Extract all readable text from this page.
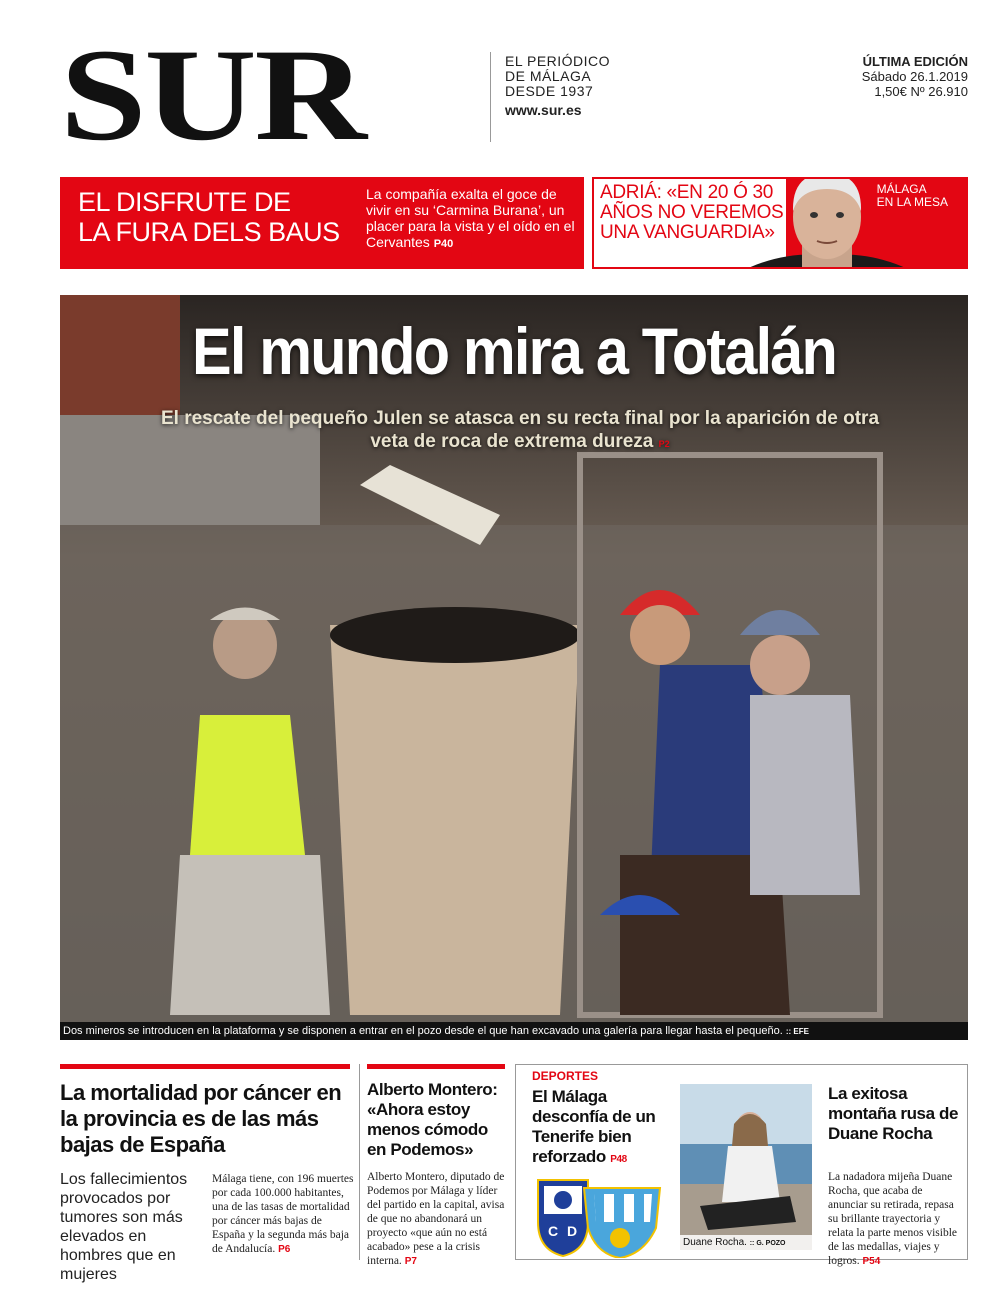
SUR	EL PERIÓDICO
DE MÁLAGA
DESDE 1937
www.sur.es
ÚLTIMA EDICIÓN
Sábado 26.1.2019
1,50€ Nº 26.910
EL DISFRUTE DE
LA FURA DELS BAUS
La compañía exalta el goce de vivir en su ‘Carmina Burana’, un placer para la vista y el oído en el Cervantes P40
ADRIÁ: «EN 20 Ó 30
AÑOS NO VEREMOS
UNA VANGUARDIA»
MÁLAGA
EN LA MESA
El mundo mira a Totalán
El rescate del pequeño Julen se atasca en su recta final por la aparición de otra veta de roca de extrema dureza P2
Dos mineros se introducen en la plataforma y se disponen a entrar en el pozo desde el que han excavado una galería para llegar hasta el pequeño. :: EFE
La mortalidad por cáncer en la provincia es de las más bajas de España
Los fallecimientos provocados por tumores son más elevados en hombres que en mujeres
Málaga tiene, con 196 muertes por cada 100.000 habitantes, una de las tasas de mortalidad por cáncer más bajas de España y la segunda más baja de Andalucía. P6
Alberto Montero: «Ahora estoy menos cómodo en Podemos»
Alberto Montero, diputado de Podemos por Málaga y líder del partido en la capital, avisa de que no abandonará un proyecto «que aún no está acabado» pese a la crisis interna. P7
DEPORTES
El Málaga desconfía de un Tenerife bien reforzado P48
C D
Duane Rocha. :: G. POZO
La exitosa montaña rusa de Duane Rocha
La nadadora mijeña Duane Rocha, que acaba de anunciar su retirada, repasa su brillante trayectoria y relata la parte menos visible de las medallas, viajes y logros. P54
